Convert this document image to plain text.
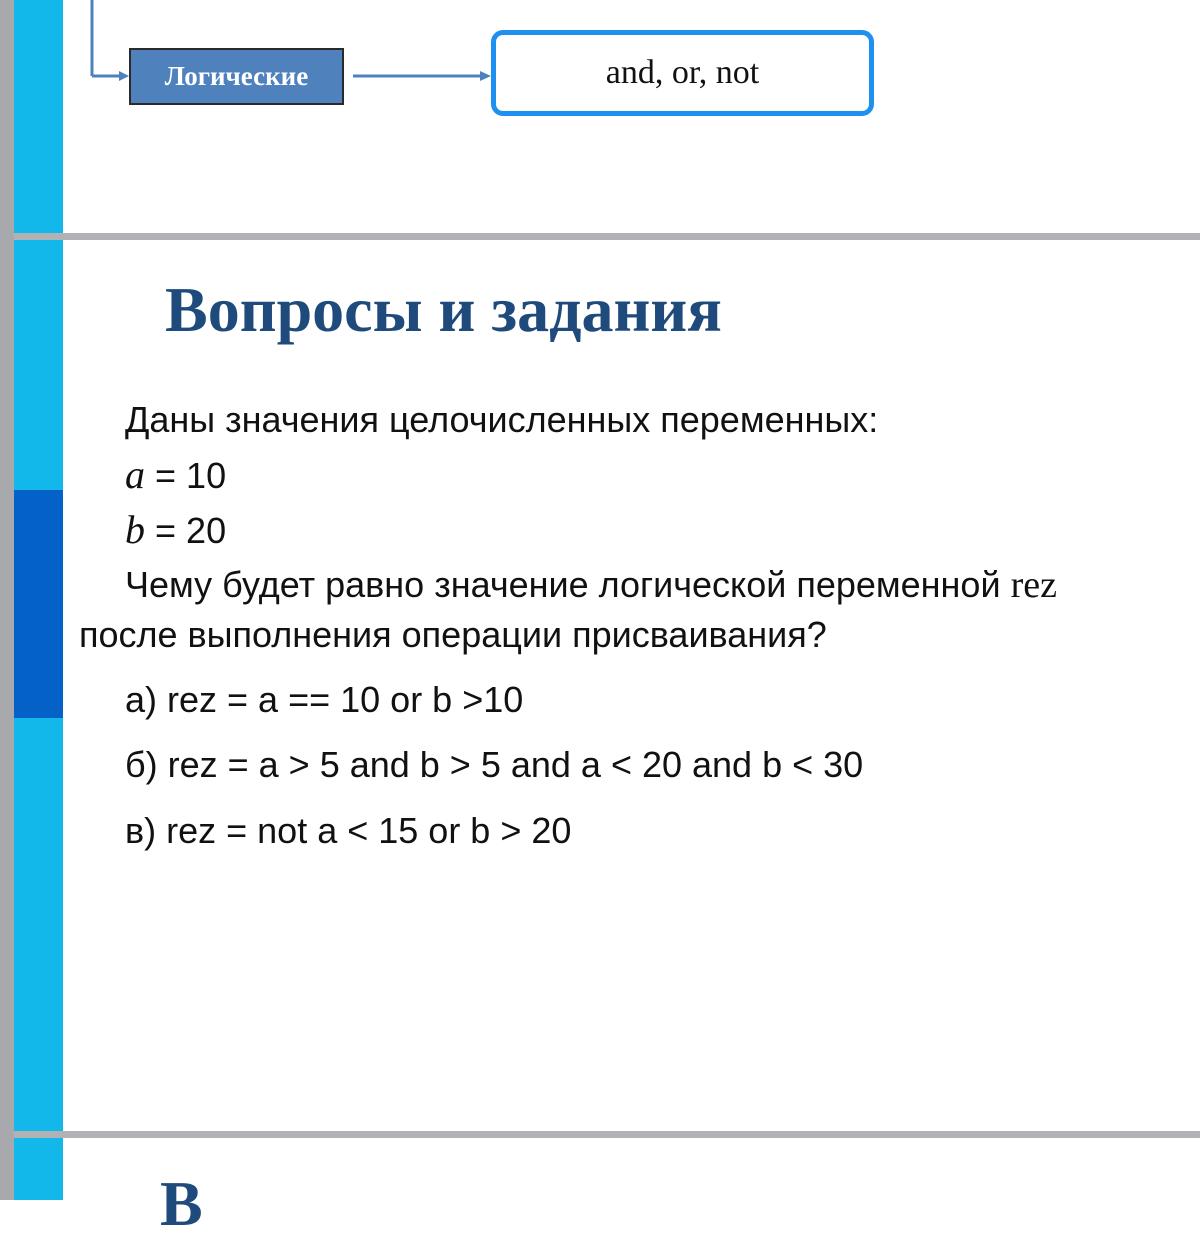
Логические	and, or, not
Вопросы и задания
Даны значения целочисленных переменных:
a = 10
b = 20
Чему будет равно значение логической переменной rez
после выполнения операции присваивания?
а) rez = a == 10 or b >10
б) rez = a > 5 and b > 5 and a < 20 and b < 30
в) rez = not a < 15 or b > 20
В
